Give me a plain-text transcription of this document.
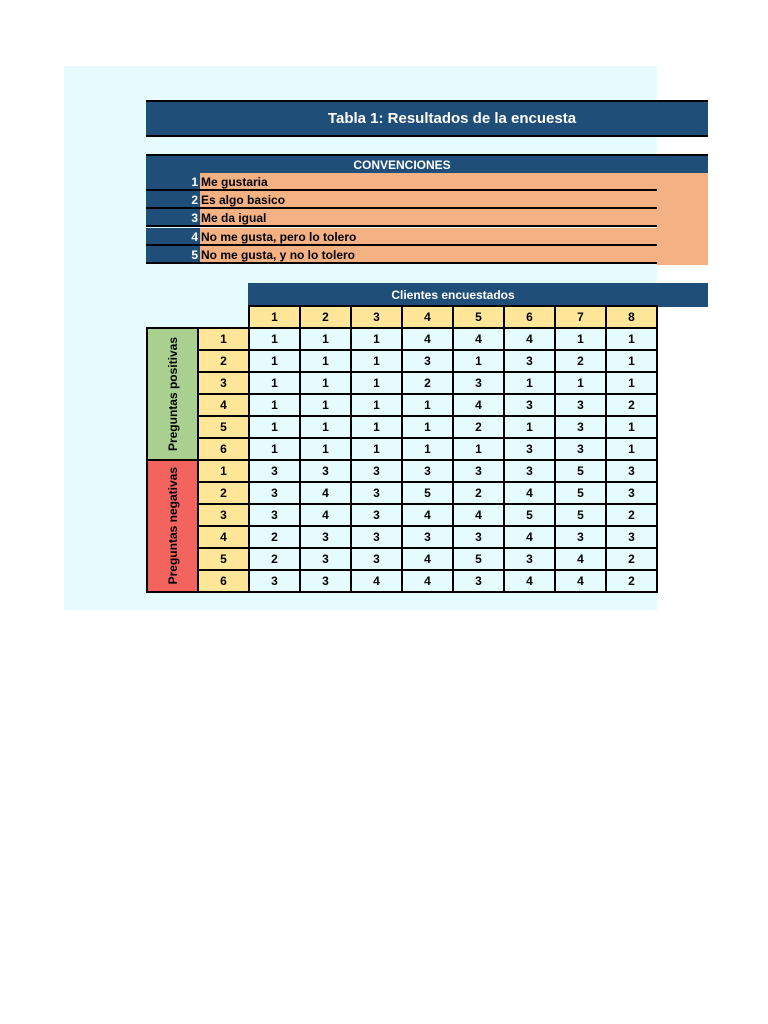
Tabla 1: Resultados de la encuesta
CONVENCIONES
1 Me gustaria
2 Es algo basico
3 Me da igual
4 No me gusta, pero lo tolero
5 No me gusta, y no lo tolero
Clientes encuestados
		1	2	3	4	5	6	7	8

Preguntas positivas	1	1	1	1	4	4	4	1	1
	2	1	1	1	3	1	3	2	1
	3	1	1	1	2	3	1	1	1
	4	1	1	1	1	4	3	3	2
	5	1	1	1	1	2	1	3	1
	6	1	1	1	1	1	3	3	1

Preguntas negativas	1	3	3	3	3	3	3	5	3
	2	3	4	3	5	2	4	5	3
	3	3	4	3	4	4	5	5	2
	4	2	3	3	3	3	4	3	3
	5	2	3	3	4	5	3	4	2
	6	3	3	4	4	3	4	4	2
